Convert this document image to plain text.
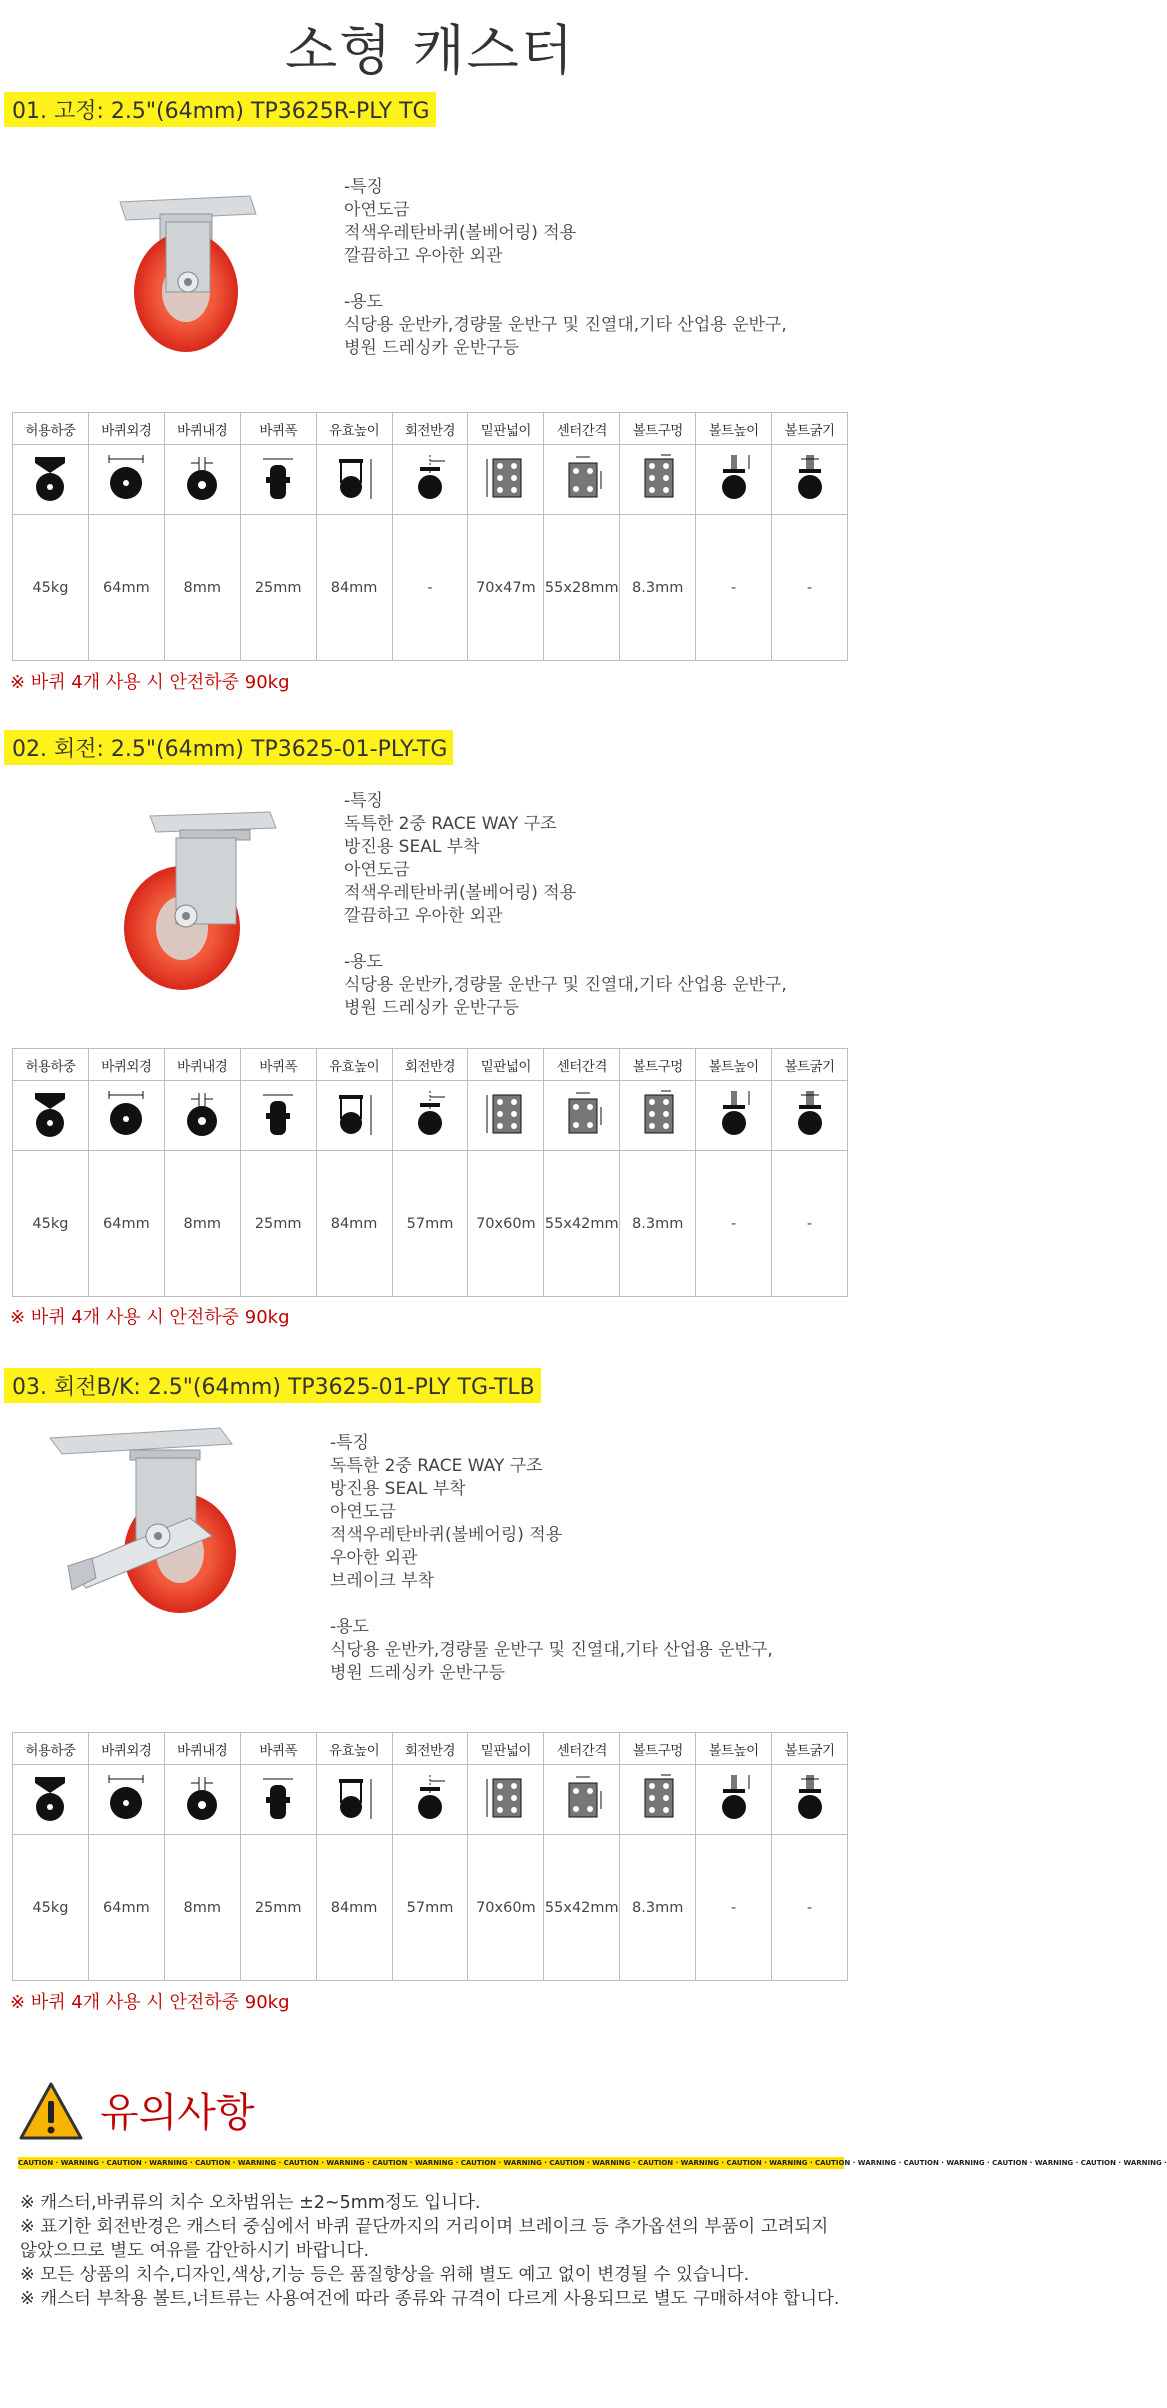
소형 캐스터
01. 고정: 2.5"(64mm) TP3625R-PLY TG
-특징
아연도금
적색우레탄바퀴(볼베어링) 적용
깔끔하고 우아한 외관
-용도
식당용 운반카,경량물 운반구 및 진열대,기타 산업용 운반구,
병원 드레싱카 운반구등
허용하중	바퀴외경	바퀴내경	바퀴폭	유효높이	회전반경	밑판넓이	센터간격	볼트구멍	볼트높이	볼트굵기

45kg	64mm	8mm	25mm	84mm	-	70x47m	55x28mm	8.3mm	-	-
※ 바퀴 4개 사용 시 안전하중 90kg
02. 회전: 2.5"(64mm) TP3625-01-PLY-TG
-특징
독특한 2중 RACE WAY 구조
방진용 SEAL 부착
아연도금
적색우레탄바퀴(볼베어링) 적용
깔끔하고 우아한 외관
-용도
식당용 운반카,경량물 운반구 및 진열대,기타 산업용 운반구,
병원 드레싱카 운반구등
허용하중	바퀴외경	바퀴내경	바퀴폭	유효높이	회전반경	밑판넓이	센터간격	볼트구멍	볼트높이	볼트굵기

45kg	64mm	8mm	25mm	84mm	57mm	70x60m	55x42mm	8.3mm	-	-
※ 바퀴 4개 사용 시 안전하중 90kg
03. 회전B/K: 2.5"(64mm) TP3625-01-PLY TG-TLB
-특징
독특한 2중 RACE WAY 구조
방진용 SEAL 부착
아연도금
적색우레탄바퀴(볼베어링) 적용
우아한 외관
브레이크 부착
-용도
식당용 운반카,경량물 운반구 및 진열대,기타 산업용 운반구,
병원 드레싱카 운반구등
허용하중	바퀴외경	바퀴내경	바퀴폭	유효높이	회전반경	밑판넓이	센터간격	볼트구멍	볼트높이	볼트굵기

45kg	64mm	8mm	25mm	84mm	57mm	70x60m	55x42mm	8.3mm	-	-
※ 바퀴 4개 사용 시 안전하중 90kg
유의사항
CAUTION · WARNING · CAUTION · WARNING · CAUTION · WARNING · CAUTION · WARNING · CAUTION · WARNING · CAUTION · WARNING · CAUTION · WARNING · CAUTION · WARNING · CAUTION · WARNING · CAUTION · WARNING · CAUTION · WARNING · CAUTION · WARNING · CAUTION · WARNING ·
※ 캐스터,바퀴류의 치수 오차범위는 ±2~5mm정도 입니다.
※ 표기한 회전반경은 캐스터 중심에서 바퀴 끝단까지의 거리이며 브레이크 등 추가옵션의 부품이 고려되지 않았으므로 별도 여유를 감안하시기 바랍니다.
※ 모든 상품의 치수,디자인,색상,기능 등은 품질향상을 위해 별도 예고 없이 변경될 수 있습니다.
※ 캐스터 부착용 볼트,너트류는 사용여건에 따라 종류와 규격이 다르게 사용되므로 별도 구매하셔야 합니다.
